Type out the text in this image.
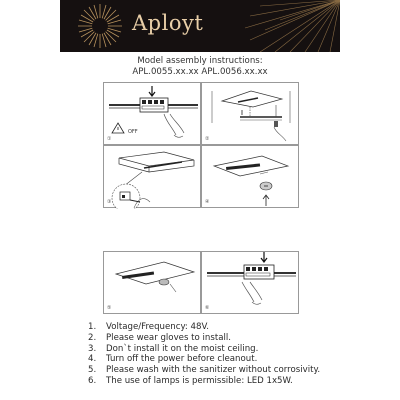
Aployt
Model assembly instructions:
APL.0055.xx.xx APL.0056.xx.xx
OFF
①	②
③	④
⑤	⑥
1. Voltage/Frequency: 48V.
2. Please wear gloves to install.
3. Don`t install it on the moist ceiling.
4. Turn off the power before cleanout.
5. Please wash with the sanitizer without corrosivity.
6. The use of lamps is permissible: LED 1x5W.
